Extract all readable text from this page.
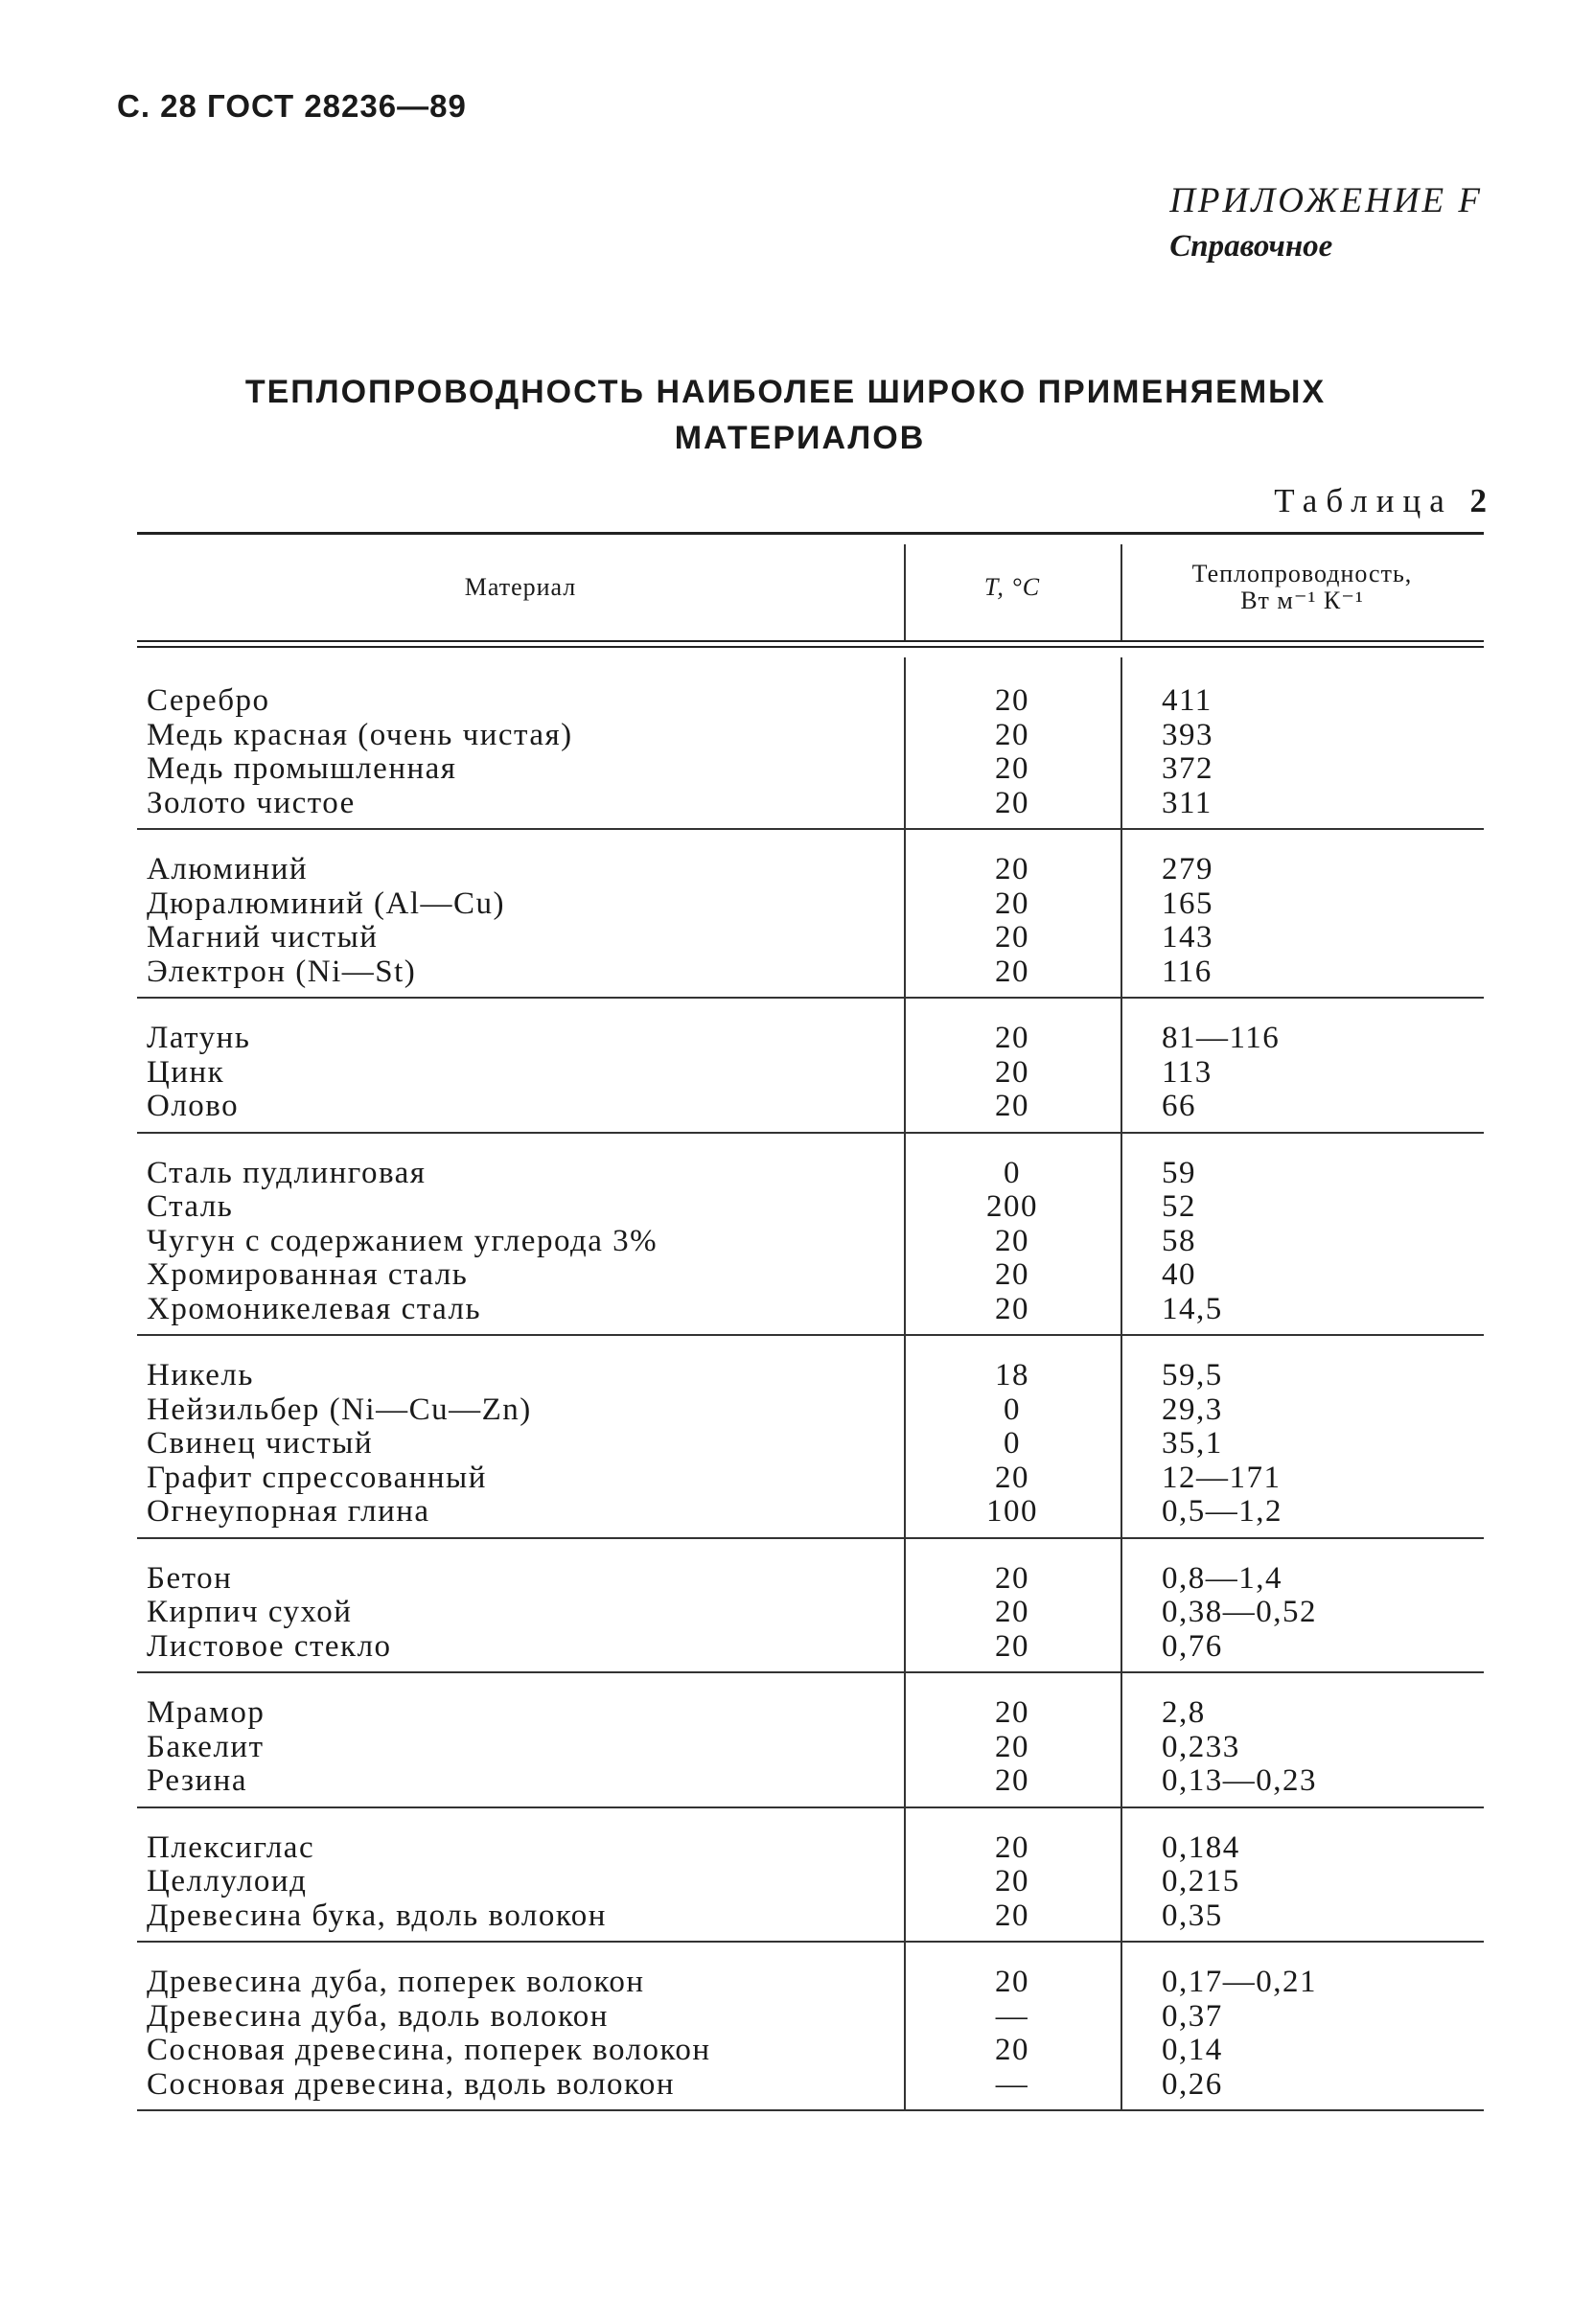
С. 28 ГОСТ 28236—89
ПРИЛОЖЕНИЕ F
Справочное
ТЕПЛОПРОВОДНОСТЬ НАИБОЛЕЕ ШИРОКО ПРИМЕНЯЕМЫХ
МАТЕРИАЛОВ
Таблица 2
Материал	T, °C	Теплопроводность,
Вт м⁻¹ К⁻¹
Серебро	20	411
Медь красная (очень чистая)	20	393
Медь промышленная	20	372
Золото чистое	20	311
Алюминий	20	279
Дюралюминий (Al—Cu)	20	165
Магний чистый	20	143
Электрон (Ni—St)	20	116
Латунь	20	81—116
Цинк	20	113
Олово	20	66
Сталь пудлинговая	0	59
Сталь	200	52
Чугун с содержанием углерода 3%	20	58
Хромированная сталь	20	40
Хромоникелевая сталь	20	14,5
Никель	18	59,5
Нейзильбер (Ni—Cu—Zn)	0	29,3
Свинец чистый	0	35,1
Графит спрессованный	20	12—171
Огнеупорная глина	100	0,5—1,2
Бетон	20	0,8—1,4
Кирпич сухой	20	0,38—0,52
Листовое стекло	20	0,76
Мрамор	20	2,8
Бакелит	20	0,233
Резина	20	0,13—0,23
Плексиглас	20	0,184
Целлулоид	20	0,215
Древесина бука, вдоль волокон	20	0,35
Древесина дуба, поперек волокон	20	0,17—0,21
Древесина дуба, вдоль волокон	—	0,37
Сосновая древесина, поперек волокон	20	0,14
Сосновая древесина, вдоль волокон	—	0,26
